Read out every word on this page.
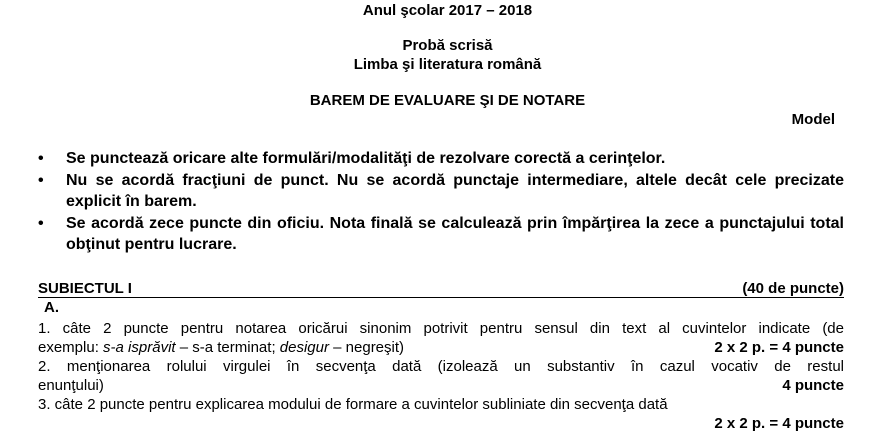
Anul şcolar 2017 – 2018
Probă scrisă
Limba şi literatura română
BAREM DE EVALUARE ŞI DE NOTARE
Model
• Se punctează oricare alte formulări/modalităţi de rezolvare corectă a cerinţelor.
• Nu se acordă fracţiuni de punct. Nu se acordă punctaje intermediare, altele decât cele precizate explicit în barem.
• Se acordă zece puncte din oficiu. Nota finală se calculează prin împărţirea la zece a punctajului total obţinut pentru lucrare.
SUBIECTUL I	(40 de puncte)
A.
1. câte 2 puncte pentru notarea oricărui sinonim potrivit pentru sensul din text al cuvintelor indicate (de
exemplu: s-a isprăvit – s-a terminat; desigur – negreşit)	2 x 2 p. = 4 puncte
2. menţionarea rolului virgulei în secvenţa dată (izolează un substantiv în cazul vocativ de restul
enunţului)	4 puncte
3. câte 2 puncte pentru explicarea modului de formare a cuvintelor subliniate din secvenţa dată
2 x 2 p. = 4 puncte
